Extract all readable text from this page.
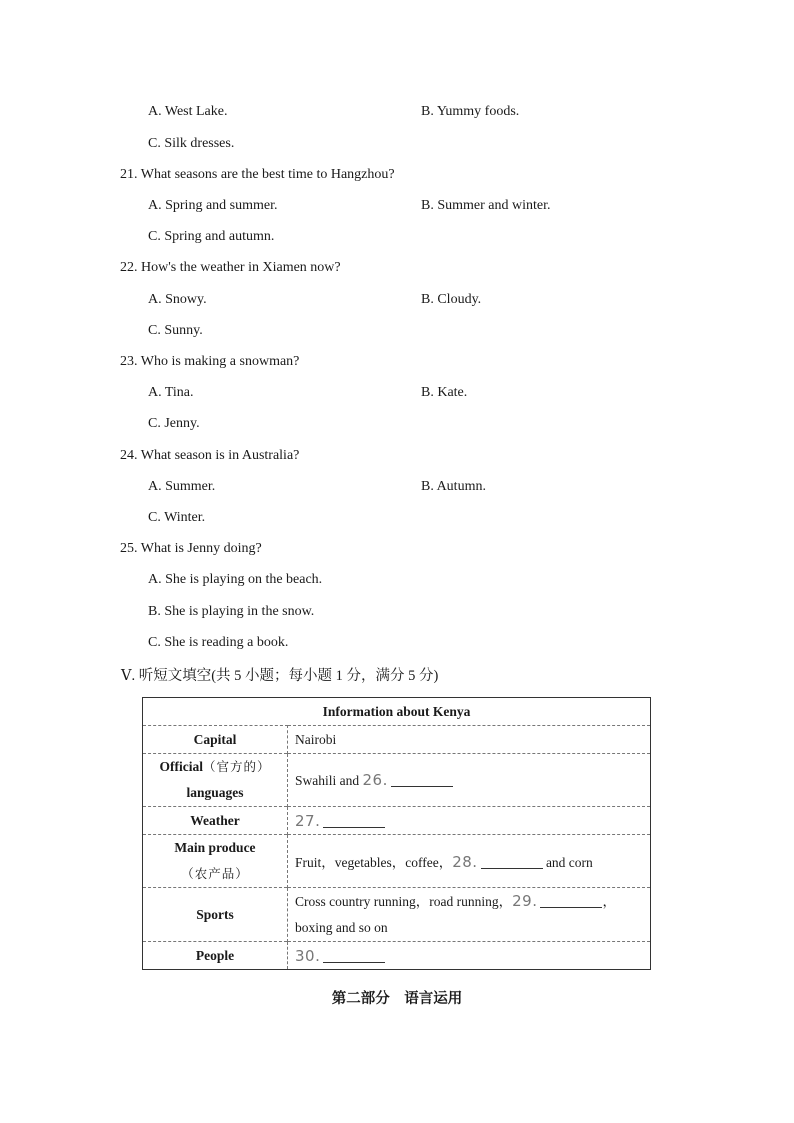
A. West Lake.	B. Yummy foods.
C. Silk dresses.
21. What seasons are the best time to Hangzhou?
A. Spring and summer.	B. Summer and winter.
C. Spring and autumn.
22. How's the weather in Xiamen now?
A. Snowy.	B. Cloudy.
C. Sunny.
23. Who is making a snowman?
A. Tina.	B. Kate.
C. Jenny.
24. What season is in Australia?
A. Summer.	B. Autumn.
C. Winter.
25. What is Jenny doing?
A. She is playing on the beach.
B. She is playing in the snow.
C. She is reading a book.
Ⅴ. 听短文填空(共 5 小题；每小题 1 分，满分 5 分)
Information about Kenya	
Capital	Nairobi

Official（官方的）
languages	Swahili and 26.
Weather	27.

Main produce
（农产品）	Fruit，vegetables，coffee，28. and corn
Sports	Cross country running，road running，29. ，
boxing and so on

People	30.
第二部分　语言运用
